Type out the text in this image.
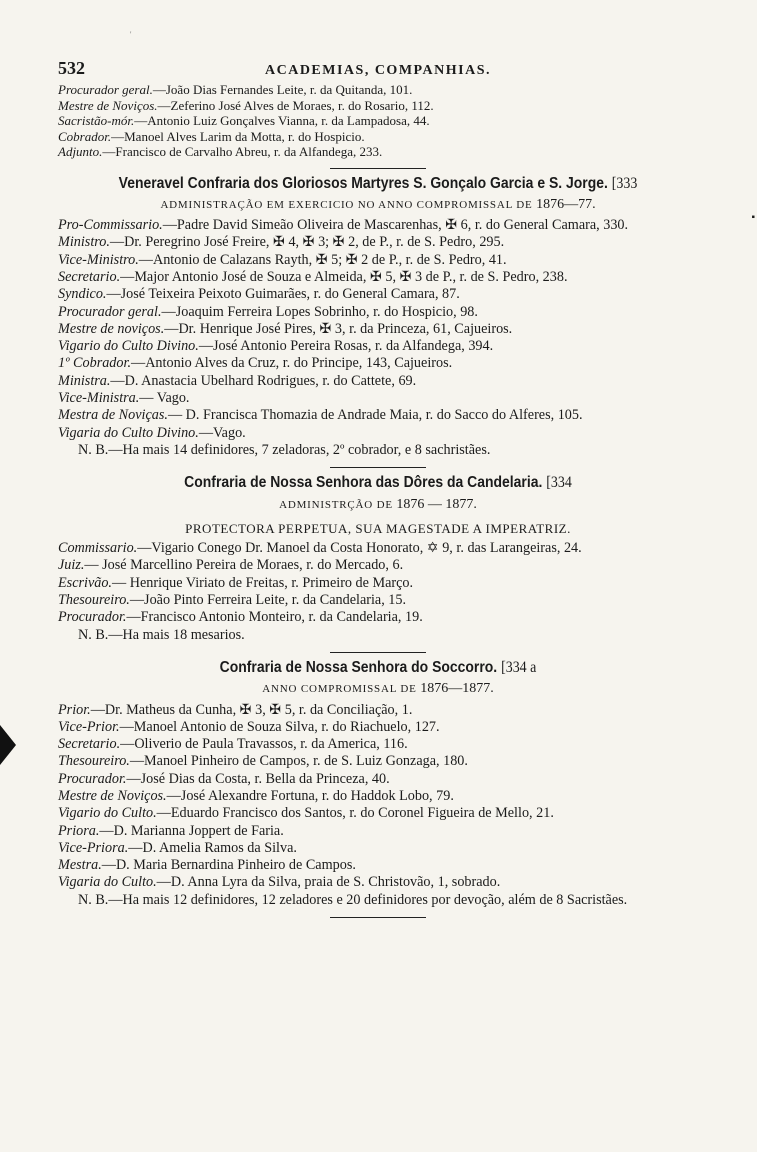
'
▪
532	ACADEMIAS, COMPANHIAS.
Procurador geral.—João Dias Fernandes Leite, r. da Quitanda, 101.
Mestre de Noviços.—Zeferino José Alves de Moraes, r. do Rosario, 112.
Sacristão-mór.—Antonio Luiz Gonçalves Vianna, r. da Lampadosa, 44.
Cobrador.—Manoel Alves Larim da Motta, r. do Hospicio.
Adjunto.—Francisco de Carvalho Abreu, r. da Alfandega, 233.
Veneravel Confraria dos Gloriosos Martyres S. Gonçalo Garcia e S. Jorge. [333
ADMINISTRAÇÃO EM EXERCICIO NO ANNO COMPROMISSAL DE 1876—77.
Pro-Commissario.—Padre David Simeão Oliveira de Mascarenhas, ✠ 6, r. do General Camara, 330.
Ministro.—Dr. Peregrino José Freire, ✠ 4, ✠ 3; ✠ 2, de P., r. de S. Pedro, 295.
Vice-Ministro.—Antonio de Calazans Rayth, ✠ 5; ✠ 2 de P., r. de S. Pedro, 41.
Secretario.—Major Antonio José de Souza e Almeida, ✠ 5, ✠ 3 de P., r. de S. Pedro, 238.
Syndico.—José Teixeira Peixoto Guimarães, r. do General Camara, 87.
Procurador geral.—Joaquim Ferreira Lopes Sobrinho, r. do Hospicio, 98.
Mestre de noviços.—Dr. Henrique José Pires, ✠ 3, r. da Princeza, 61, Cajueiros.
Vigario do Culto Divino.—José Antonio Pereira Rosas, r. da Alfandega, 394.
1º Cobrador.—Antonio Alves da Cruz, r. do Principe, 143, Cajueiros.
Ministra.—D. Anastacia Ubelhard Rodrigues, r. do Cattete, 69.
Vice-Ministra.— Vago.
Mestra de Noviças.— D. Francisca Thomazia de Andrade Maia, r. do Sacco do Alferes, 105.
Vigaria do Culto Divino.—Vago.
N. B.—Ha mais 14 definidores, 7 zeladoras, 2º cobrador, e 8 sachristães.
Confraria de Nossa Senhora das Dôres da Candelaria. [334
ADMINISTRÇÃO DE 1876 — 1877.
PROTECTORA PERPETUA, SUA MAGESTADE A IMPERATRIZ.
Commissario.—Vigario Conego Dr. Manoel da Costa Honorato, ✡ 9, r. das Larangeiras, 24.
Juiz.— José Marcellino Pereira de Moraes, r. do Mercado, 6.
Escrivão.— Henrique Viriato de Freitas, r. Primeiro de Março.
Thesoureiro.—João Pinto Ferreira Leite, r. da Candelaria, 15.
Procurador.—Francisco Antonio Monteiro, r. da Candelaria, 19.
N. B.—Ha mais 18 mesarios.
Confraria de Nossa Senhora do Soccorro. [334 a
ANNO COMPROMISSAL DE 1876—1877.
Prior.—Dr. Matheus da Cunha, ✠ 3, ✠ 5, r. da Conciliação, 1.
Vice-Prior.—Manoel Antonio de Souza Silva, r. do Riachuelo, 127.
Secretario.—Oliverio de Paula Travassos, r. da America, 116.
Thesoureiro.—Manoel Pinheiro de Campos, r. de S. Luiz Gonzaga, 180.
Procurador.—José Dias da Costa, r. Bella da Princeza, 40.
Mestre de Noviços.—José Alexandre Fortuna, r. do Haddok Lobo, 79.
Vigario do Culto.—Eduardo Francisco dos Santos, r. do Coronel Figueira de Mello, 21.
Priora.—D. Marianna Joppert de Faria.
Vice-Priora.—D. Amelia Ramos da Silva.
Mestra.—D. Maria Bernardina Pinheiro de Campos.
Vigaria do Culto.—D. Anna Lyra da Silva, praia de S. Christovão, 1, sobrado.
N. B.—Ha mais 12 definidores, 12 zeladores e 20 definidores por devoção, além de 8 Sacristães.
